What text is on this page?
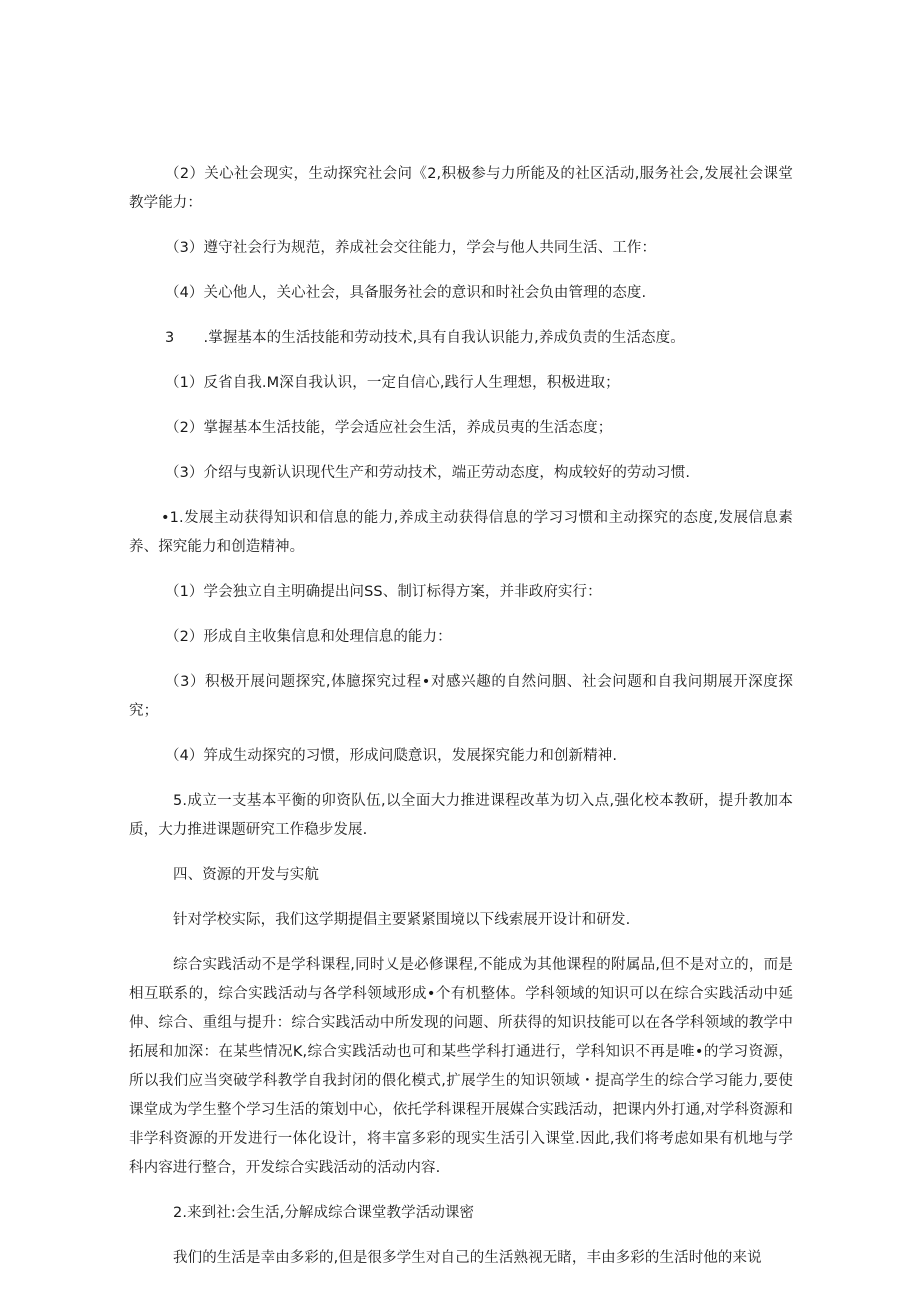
（2）关心社会现实，生动探究社会问《2,积极参与力所能及的社区活动,服务社会,发展社会课堂教学能力：

（3）遵守社会行为规范，养成社会交往能力，学会与他人共同生活、工作：

（4）关心他人，关心社会，具备服务社会的意识和时社会负由管理的态度.

3　　.掌握基本的生活技能和劳动技术,具有自我认识能力,养成负责的生活态度。

（1）反省自我.M深自我认识，一定自信心,践行人生理想，积极进取；

（2）掌握基本生活技能，学会适应社会生活，养成员夷的生活态度；

（3）介绍与曳新认识现代生产和劳动技术，端正劳动态度，构成较好的劳动习惯.

•1.发展主动获得知识和信息的能力,养成主动获得信息的学习习惯和主动探究的态度,发展信息素养、探究能力和创造精神。

（1）学会独立自主明确提出问SS、制订标得方案，并非政府实行：

（2）形成自主收集信息和处理信息的能力：

（3）积极开展问题探究,体臆探究过程•对感兴趣的自然问胭、社会问题和自我问期展开深度探究；

（4）笄成生动探究的习惯，形成问瓞意识，发展探究能力和创新精神.

5.成立一支基本平衡的卯资队伍,以全面大力推进课程改革为切入点,强化校本教研，提升教加本质，大力推进课题研究工作稳步发展.

四、资源的开发与实航

针对学校实际，我们这学期提倡主要紧紧围境以下线索展开设计和研发.

综合实践活动不是学科课程,同时乂是必修课程,不能成为其他课程的附属品,但不是对立的，而是相互联系的，综合实践活动与各学科领域形成•个有机整体。学科领域的知识可以在综合实践活动中延伸、综合、重组与提升：综合实践活动中所发现的问题、所获得的知识技能可以在各学科领域的教学中拓展和加深：在某些情况K,综合实践活动也可和某些学科打通进行，学科知识不再是唯•的学习资源，所以我们应当突破学科教学自我封闭的偎化模式,扩展学生的知识领域・提高学生的综合学习能力,要使课堂成为学生整个学习生活的策划中心，依托学科课程开展媒合实践活动，把课内外打通,对学科资源和非学科资源的开发进行一体化设计，将丰富多彩的现实生活引入课堂.因此,我们将考虑如果有机地与学科内容进行整合，开发综合实践活动的活动内容.

2.来到社:会生活,分解成综合课堂教学活动课密

我们的生活是幸由多彩的,但是很多学生对自己的生活熟视无睹，丰由多彩的生活时他的来说
